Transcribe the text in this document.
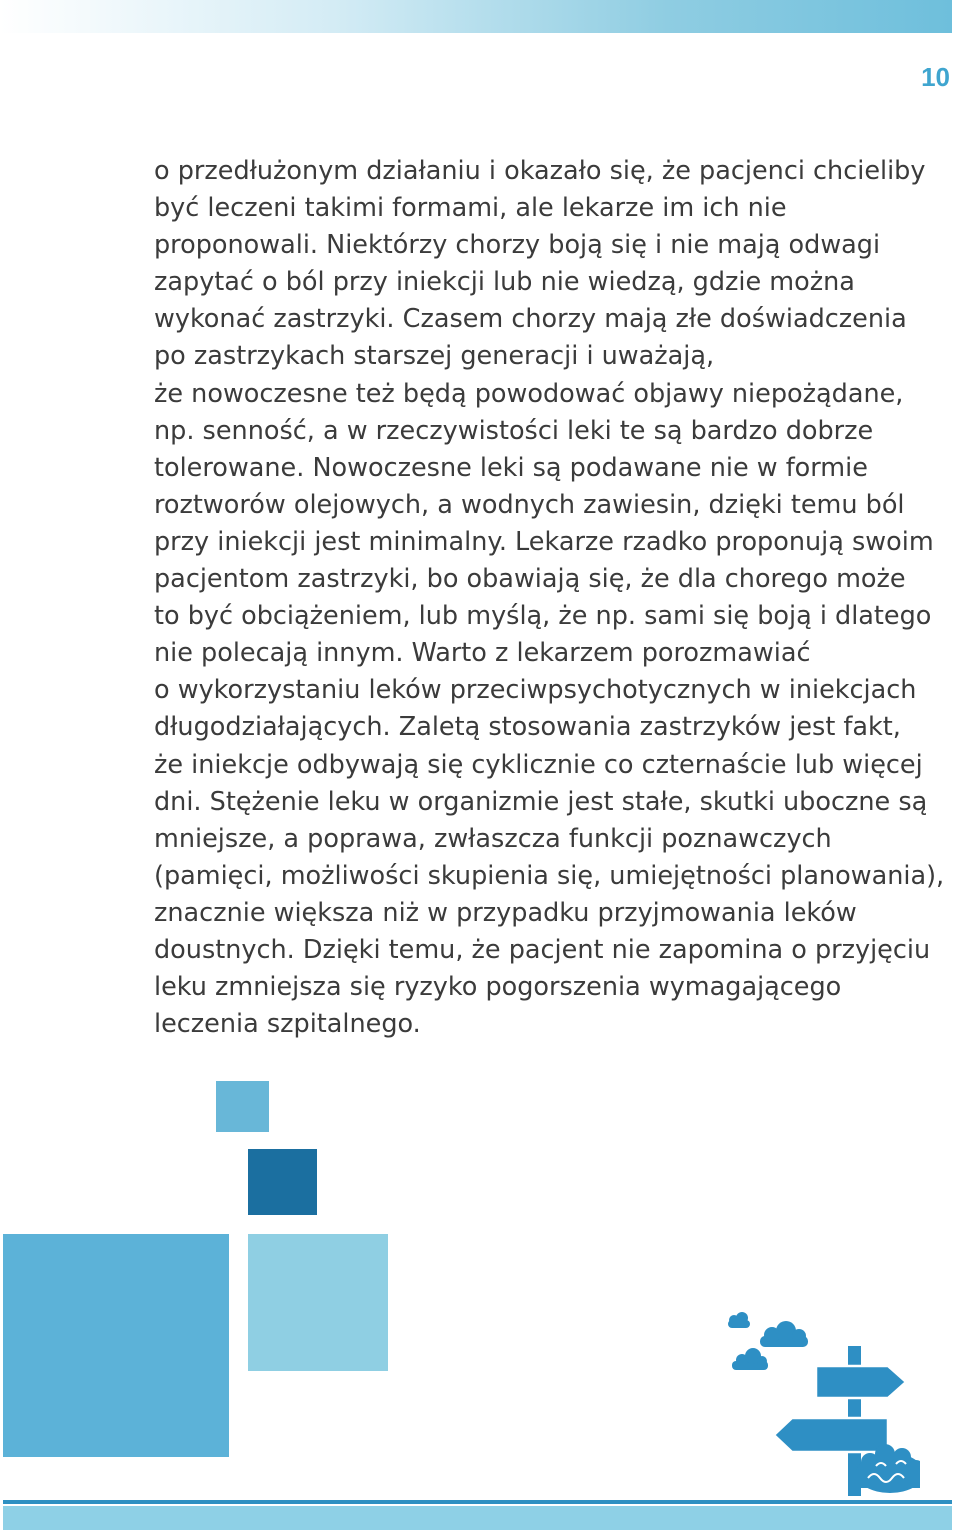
10

o przedłużonym działaniu i okazało się, że pacjenci chcieliby
być leczeni takimi formami, ale lekarze im ich nie
proponowali. Niektórzy chorzy boją się i nie mają odwagi
zapytać o ból przy iniekcji lub nie wiedzą, gdzie można
wykonać zastrzyki. Czasem chorzy mają złe doświadczenia
po zastrzykach starszej generacji i uważają,
że nowoczesne też będą powodować objawy niepożądane,
np. senność, a w rzeczywistości leki te są bardzo dobrze
tolerowane. Nowoczesne leki są podawane nie w formie
roztworów olejowych, a wodnych zawiesin, dzięki temu ból
przy iniekcji jest minimalny. Lekarze rzadko proponują swoim
pacjentom zastrzyki, bo obawiają się, że dla chorego może
to być obciążeniem, lub myślą, że np. sami się boją i dlatego
nie polecają innym. Warto z lekarzem porozmawiać
o wykorzystaniu leków przeciwpsychotycznych w iniekcjach
długodziałających. Zaletą stosowania zastrzyków jest fakt,
że iniekcje odbywają się cyklicznie co czternaście lub więcej
dni. Stężenie leku w organizmie jest stałe, skutki uboczne są
mniejsze, a poprawa, zwłaszcza funkcji poznawczych
(pamięci, możliwości skupienia się, umiejętności planowania),
znacznie większa niż w przypadku przyjmowania leków
doustnych. Dzięki temu, że pacjent nie zapomina o przyjęciu
leku zmniejsza się ryzyko pogorszenia wymagającego
leczenia szpitalnego.
